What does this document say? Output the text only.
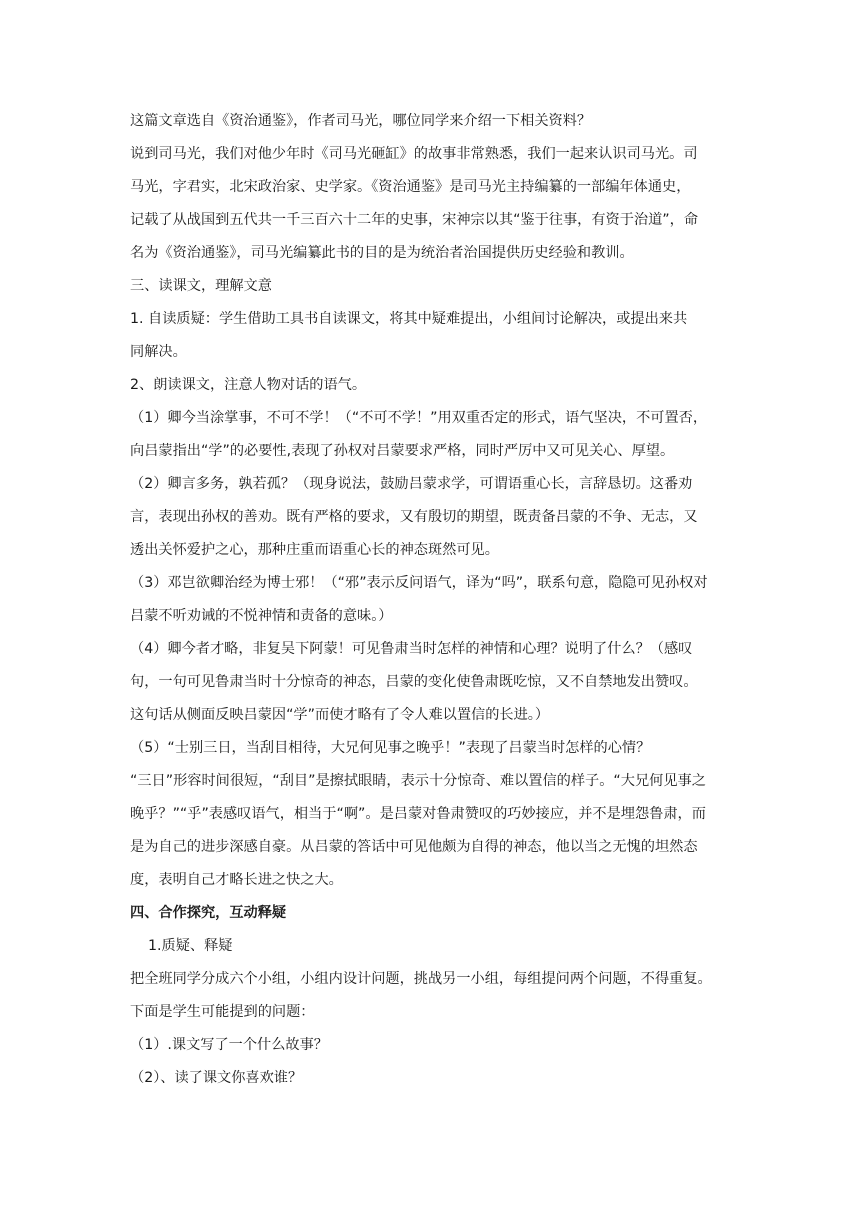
这篇文章选自《资治通鉴》，作者司马光，哪位同学来介绍一下相关资料？
说到司马光，我们对他少年时《司马光砸缸》的故事非常熟悉，我们一起来认识司马光。司
马光，字君实，北宋政治家、史学家。《资治通鉴》是司马光主持编纂的一部编年体通史，
记载了从战国到五代共一千三百六十二年的史事，宋神宗以其“鉴于往事，有资于治道”，命
名为《资治通鉴》，司马光编纂此书的目的是为统治者治国提供历史经验和教训。
三、读课文，理解文意
1. 自读质疑：学生借助工具书自读课文，将其中疑难提出，小组间讨论解决，或提出来共
同解决。
2、朗读课文，注意人物对话的语气。
（1）卿今当涂掌事，不可不学！（“不可不学！”用双重否定的形式，语气坚决，不可置否，
向吕蒙指出“学”的必要性,表现了孙权对吕蒙要求严格，同时严厉中又可见关心、厚望。
（2）卿言多务，孰若孤？（现身说法，鼓励吕蒙求学，可谓语重心长，言辞恳切。这番劝
言，表现出孙权的善劝。既有严格的要求，又有殷切的期望，既责备吕蒙的不争、无志，又
透出关怀爱护之心，那种庄重而语重心长的神态斑然可见。
（3）邓岂欲卿治经为博士邪！（“邪”表示反问语气，译为“吗”，联系句意，隐隐可见孙权对
吕蒙不听劝诫的不悦神情和责备的意味。）
（4）卿今者才略，非复吴下阿蒙！可见鲁肃当时怎样的神情和心理？说明了什么？（感叹
句，一句可见鲁肃当时十分惊奇的神态，吕蒙的变化使鲁肃既吃惊，又不自禁地发出赞叹。
这句话从侧面反映吕蒙因“学”而使才略有了令人难以置信的长进。）
（5）“士别三日，当刮目相待，大兄何见事之晚乎！”表现了吕蒙当时怎样的心情？
“三日”形容时间很短，“刮目”是擦拭眼睛，表示十分惊奇、难以置信的样子。“大兄何见事之
晚乎？”“乎”表感叹语气，相当于“啊”。是吕蒙对鲁肃赞叹的巧妙接应，并不是埋怨鲁肃，而
是为自己的进步深感自豪。从吕蒙的答话中可见他颇为自得的神态，他以当之无愧的坦然态
度，表明自己才略长进之快之大。
四、合作探究，互动释疑
1.质疑、释疑
把全班同学分成六个小组，小组内设计问题，挑战另一小组，每组提问两个问题，不得重复。
下面是学生可能提到的问题：
（1）.课文写了一个什么故事？
（2）、读了课文你喜欢谁？
